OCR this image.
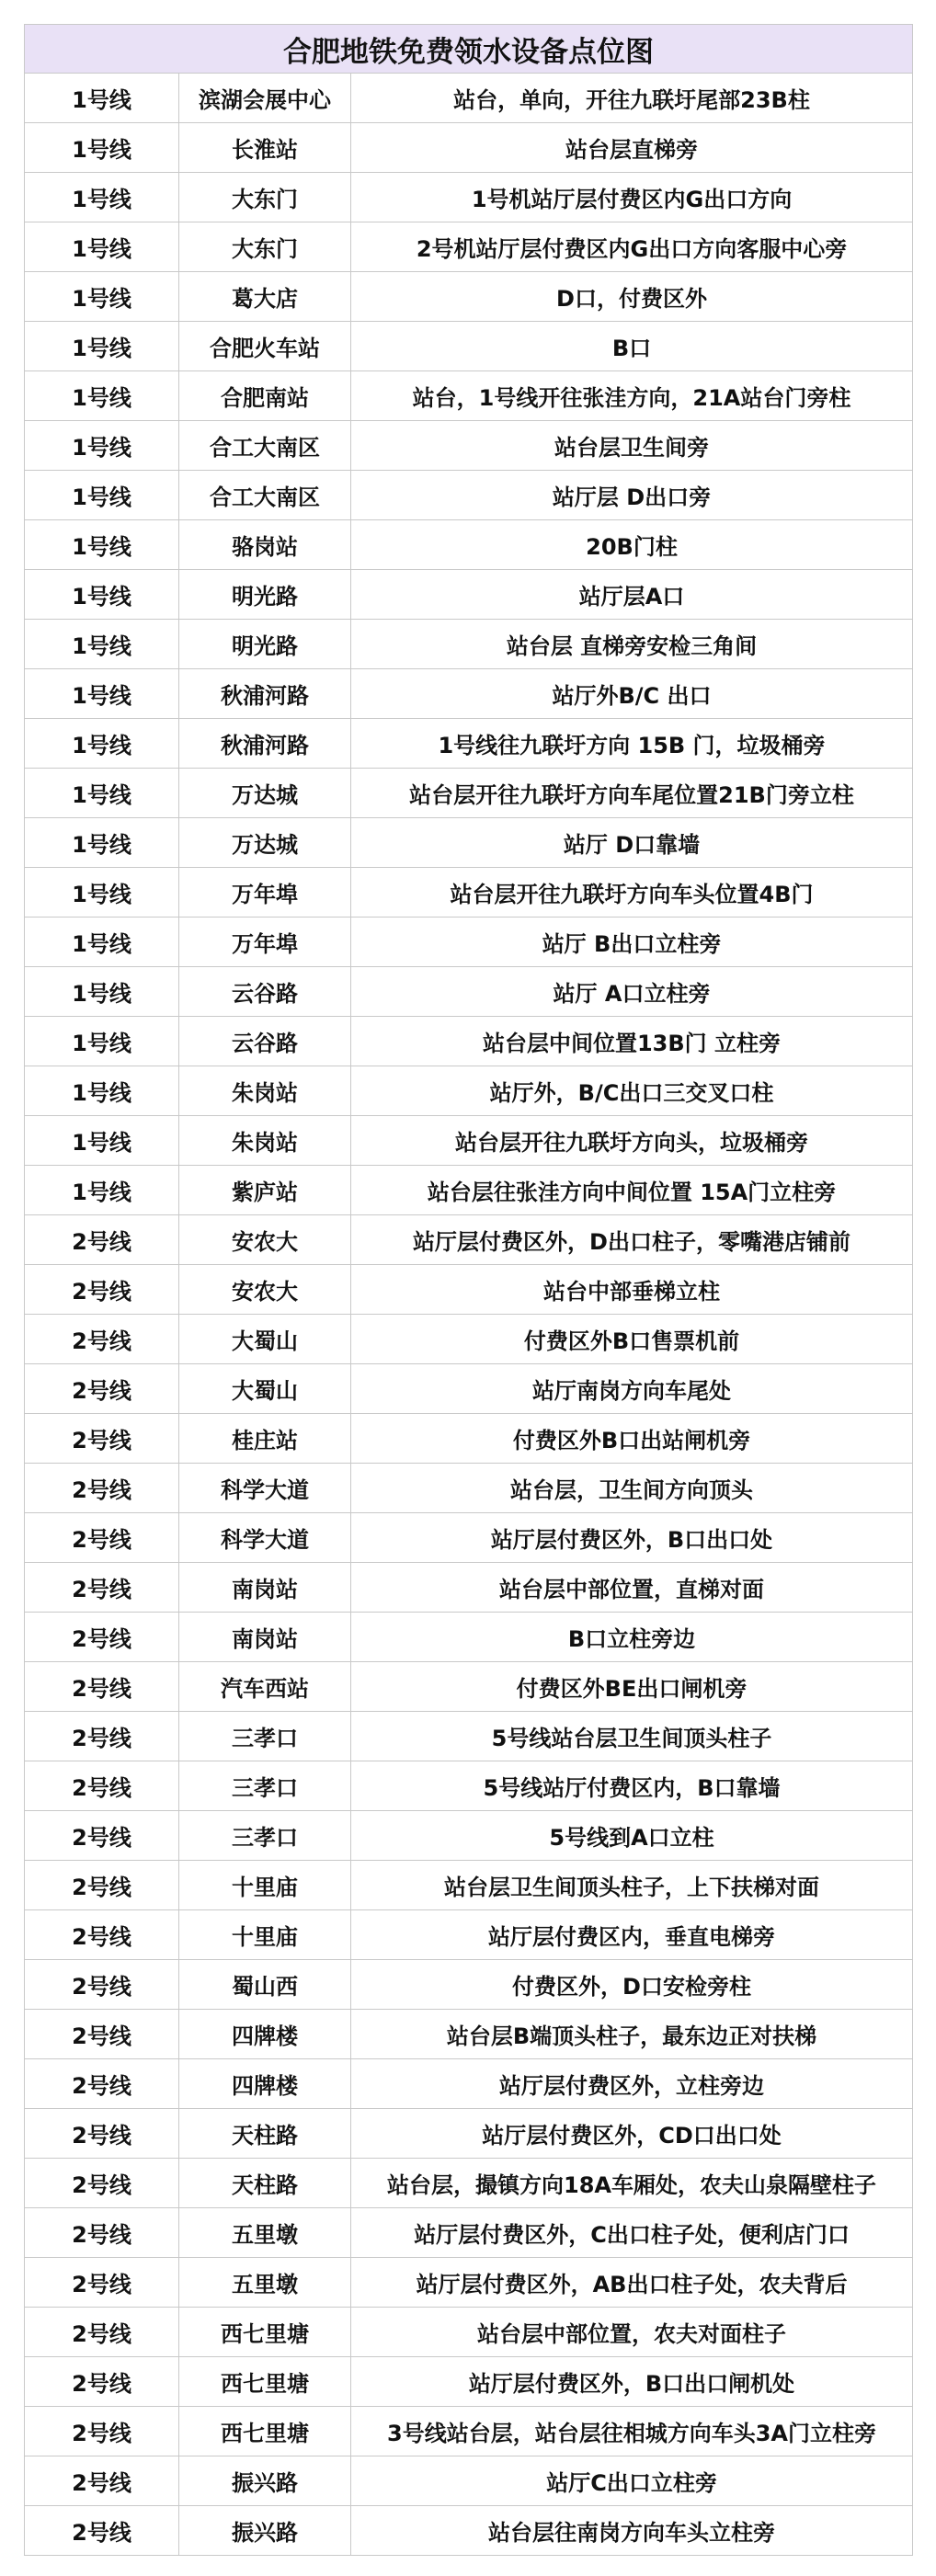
合肥地铁免费领水设备点位图		
1号线	滨湖会展中心	站台，单向，开往九联圩尾部23B柱
1号线	长淮站	站台层直梯旁
1号线	大东门	1号机站厅层付费区内G出口方向
1号线	大东门	2号机站厅层付费区内G出口方向客服中心旁
1号线	葛大店	D口，付费区外
1号线	合肥火车站	B口
1号线	合肥南站	站台，1号线开往张洼方向，21A站台门旁柱
1号线	合工大南区	站台层卫生间旁
1号线	合工大南区	站厅层 D出口旁
1号线	骆岗站	20B门柱
1号线	明光路	站厅层A口
1号线	明光路	站台层 直梯旁安检三角间
1号线	秋浦河路	站厅外B/C 出口
1号线	秋浦河路	1号线往九联圩方向 15B 门，垃圾桶旁
1号线	万达城	站台层开往九联圩方向车尾位置21B门旁立柱
1号线	万达城	站厅 D口靠墙
1号线	万年埠	站台层开往九联圩方向车头位置4B门
1号线	万年埠	站厅 B出口立柱旁
1号线	云谷路	站厅 A口立柱旁
1号线	云谷路	站台层中间位置13B门 立柱旁
1号线	朱岗站	站厅外，B/C出口三交叉口柱
1号线	朱岗站	站台层开往九联圩方向头，垃圾桶旁
1号线	紫庐站	站台层往张洼方向中间位置 15A门立柱旁
2号线	安农大	站厅层付费区外，D出口柱子，零嘴港店铺前
2号线	安农大	站台中部垂梯立柱
2号线	大蜀山	付费区外B口售票机前
2号线	大蜀山	站厅南岗方向车尾处
2号线	桂庄站	付费区外B口出站闸机旁
2号线	科学大道	站台层，卫生间方向顶头
2号线	科学大道	站厅层付费区外，B口出口处
2号线	南岗站	站台层中部位置，直梯对面
2号线	南岗站	B口立柱旁边
2号线	汽车西站	付费区外BE出口闸机旁
2号线	三孝口	5号线站台层卫生间顶头柱子
2号线	三孝口	5号线站厅付费区内，B口靠墙
2号线	三孝口	5号线到A口立柱
2号线	十里庙	站台层卫生间顶头柱子，上下扶梯对面
2号线	十里庙	站厅层付费区内，垂直电梯旁
2号线	蜀山西	付费区外，D口安检旁柱
2号线	四牌楼	站台层B端顶头柱子，最东边正对扶梯
2号线	四牌楼	站厅层付费区外，立柱旁边
2号线	天柱路	站厅层付费区外，CD口出口处
2号线	天柱路	站台层，撮镇方向18A车厢处，农夫山泉隔壁柱子
2号线	五里墩	站厅层付费区外，C出口柱子处，便利店门口
2号线	五里墩	站厅层付费区外，AB出口柱子处，农夫背后
2号线	西七里塘	站台层中部位置，农夫对面柱子
2号线	西七里塘	站厅层付费区外，B口出口闸机处
2号线	西七里塘	3号线站台层，站台层往相城方向车头3A门立柱旁
2号线	振兴路	站厅C出口立柱旁
2号线	振兴路	站台层往南岗方向车头立柱旁
